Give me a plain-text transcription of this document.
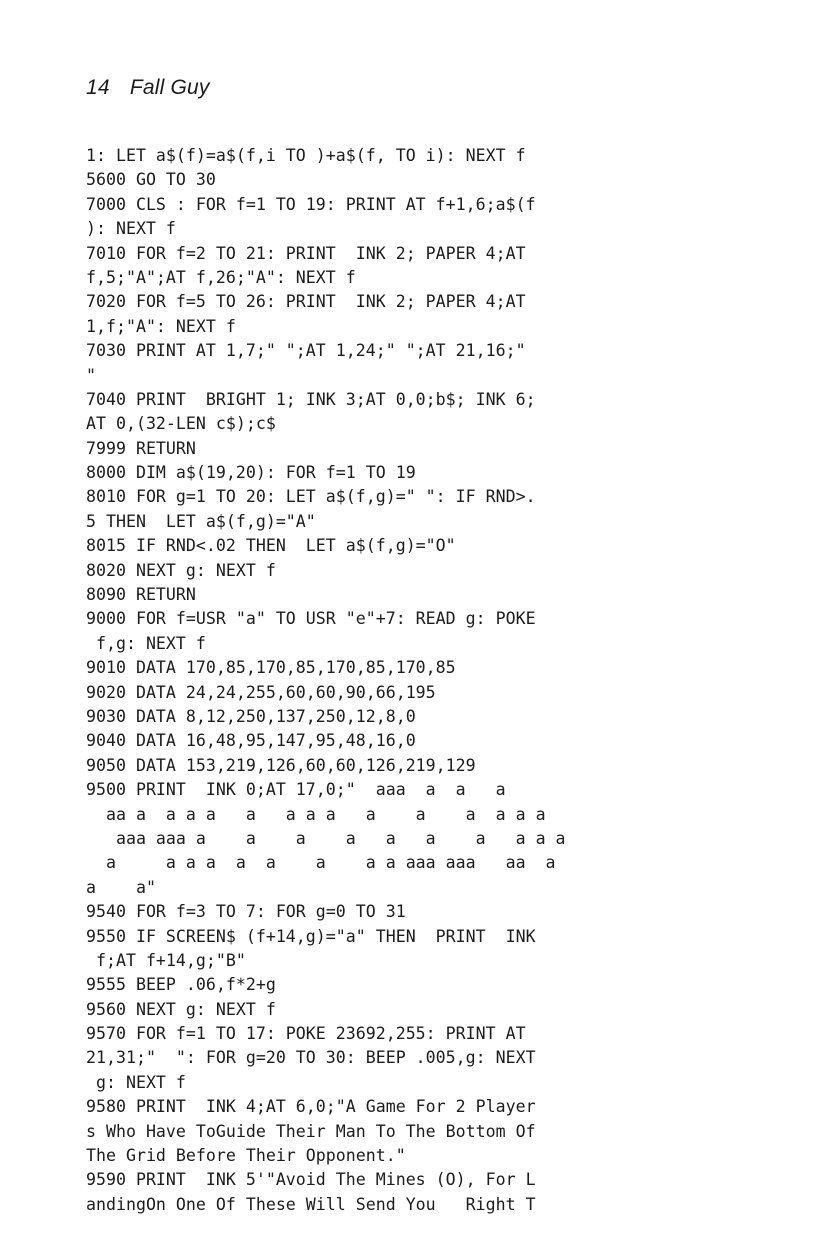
14 Fall Guy
1: LET a$(f)=a$(f,i TO )+a$(f, TO i): NEXT f
5600 GO TO 30
7000 CLS : FOR f=1 TO 19: PRINT AT f+1,6;a$(f
): NEXT f
7010 FOR f=2 TO 21: PRINT  INK 2; PAPER 4;AT
f,5;"A";AT f,26;"A": NEXT f
7020 FOR f=5 TO 26: PRINT  INK 2; PAPER 4;AT
1,f;"A": NEXT f
7030 PRINT AT 1,7;" ";AT 1,24;" ";AT 21,16;"
"
7040 PRINT  BRIGHT 1; INK 3;AT 0,0;b$; INK 6;
AT 0,(32-LEN c$);c$
7999 RETURN
8000 DIM a$(19,20): FOR f=1 TO 19
8010 FOR g=1 TO 20: LET a$(f,g)=" ": IF RND>.
5 THEN  LET a$(f,g)="A"
8015 IF RND<.02 THEN  LET a$(f,g)="O"
8020 NEXT g: NEXT f
8090 RETURN
9000 FOR f=USR "a" TO USR "e"+7: READ g: POKE
f,g: NEXT f
9010 DATA 170,85,170,85,170,85,170,85
9020 DATA 24,24,255,60,60,90,66,195
9030 DATA 8,12,250,137,250,12,8,0
9040 DATA 16,48,95,147,95,48,16,0
9050 DATA 153,219,126,60,60,126,219,129
9500 PRINT  INK 0;AT 17,0;"  aaa  a  a   a
aa a  a a a   a   a a a   a    a    a  a a a
aaa aaa a    a    a    a   a   a    a   a a a
a     a a a  a  a    a    a a aaa aaa   aa  a
a    a"
9540 FOR f=3 TO 7: FOR g=0 TO 31
9550 IF SCREEN$ (f+14,g)="a" THEN  PRINT  INK
f;AT f+14,g;"B"
9555 BEEP .06,f*2+g
9560 NEXT g: NEXT f
9570 FOR f=1 TO 17: POKE 23692,255: PRINT AT
21,31;"  ": FOR g=20 TO 30: BEEP .005,g: NEXT
g: NEXT f
9580 PRINT  INK 4;AT 6,0;"A Game For 2 Player
s Who Have ToGuide Their Man To The Bottom Of
The Grid Before Their Opponent."
9590 PRINT  INK 5'"Avoid The Mines (O), For L
andingOn One Of These Will Send You   Right T
